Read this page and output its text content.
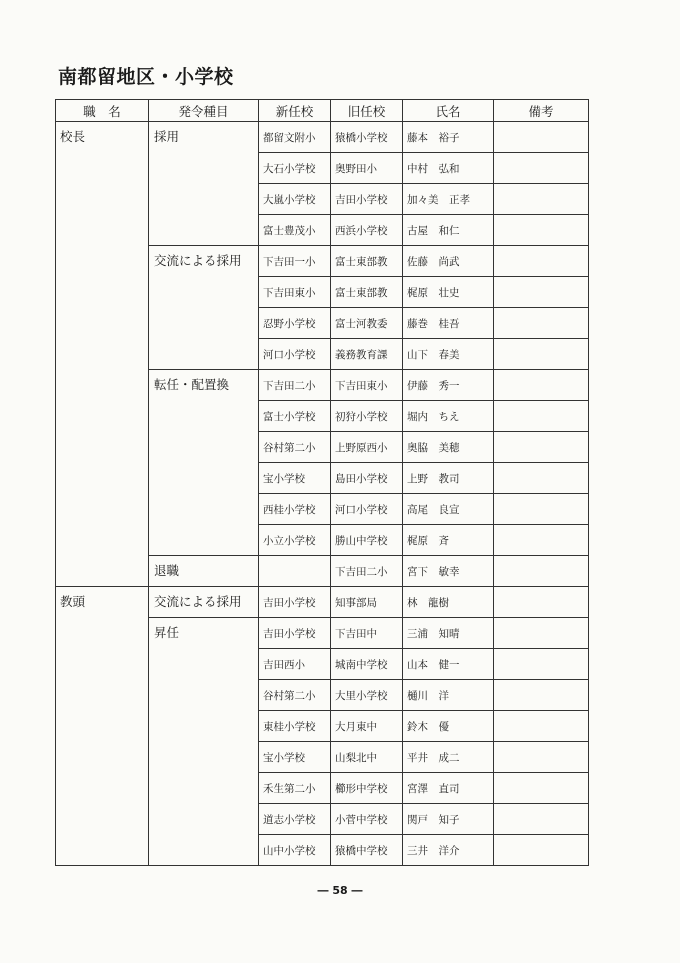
南都留地区・小学校
職　名	発令種目	新任校	旧任校	氏名	備考
校長	採用	都留文附小	猿橋小学校	藤本　裕子	
		大石小学校	奥野田小	中村　弘和	
		大嵐小学校	吉田小学校	加々美　正孝	
		富士豊茂小	西浜小学校	古屋　和仁	
	交流による採用	下吉田一小	富士東部教	佐藤　尚武	
		下吉田東小	富士東部教	梶原　壮史	
		忍野小学校	富士河教委	藤巻　桂吾	
		河口小学校	義務教育課	山下　春美	
	転任・配置換	下吉田二小	下吉田東小	伊藤　秀一	
		富士小学校	初狩小学校	堀内　ちえ	
		谷村第二小	上野原西小	奥脇　美穂	
		宝小学校	島田小学校	上野　教司	
		西桂小学校	河口小学校	高尾　良宣	
		小立小学校	勝山中学校	梶原　斉	
	退職		下吉田二小	宮下　敏幸	
教頭	交流による採用	吉田小学校	知事部局	林　龍樹	
	昇任	吉田小学校	下吉田中	三浦　知晴	
		吉田西小	城南中学校	山本　健一	
		谷村第二小	大里小学校	樋川　洋	
		東桂小学校	大月東中	鈴木　優	
		宝小学校	山梨北中	平井　成二	
		禾生第二小	櫛形中学校	宮澤　直司	
		道志小学校	小菅中学校	関戸　知子	
		山中小学校	猿橋中学校	三井　洋介	
― 58 ―
